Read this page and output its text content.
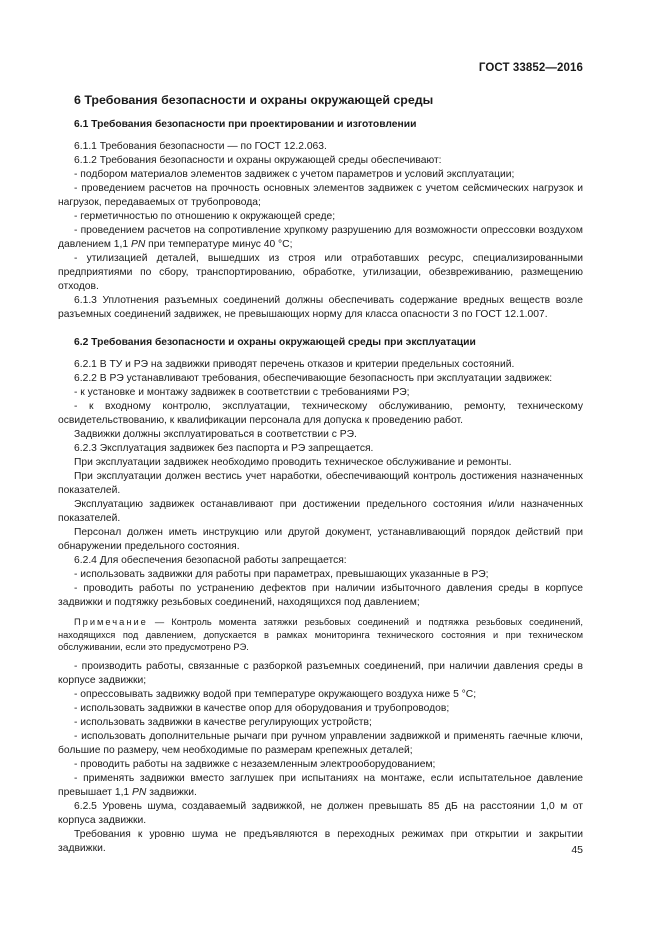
ГОСТ 33852—2016

6 Требования безопасности и охраны окружающей среды

6.1 Требования безопасности при проектировании и изготовлении

6.1.1 Требования безопасности — по ГОСТ 12.2.063.

6.1.2 Требования безопасности и охраны окружающей среды обеспечивают:

- подбором материалов элементов задвижек с учетом параметров и условий эксплуатации;

- проведением расчетов на прочность основных элементов задвижек с учетом сейсмических нагрузок и нагрузок, передаваемых от трубопровода;

- герметичностью по отношению к окружающей среде;

- проведением расчетов на сопротивление хрупкому разрушению для возможности опрессовки воздухом давлением 1,1 PN при температуре минус 40 °С;

- утилизацией деталей, вышедших из строя или отработавших ресурс, специализированными предприятиями по сбору, транспортированию, обработке, утилизации, обезвреживанию, размещению отходов.

6.1.3 Уплотнения разъемных соединений должны обеспечивать содержание вредных веществ возле разъемных соединений задвижек, не превышающих норму для класса опасности 3 по ГОСТ 12.1.007.

6.2 Требования безопасности и охраны окружающей среды при эксплуатации

6.2.1 В ТУ и РЭ на задвижки приводят перечень отказов и критерии предельных состояний.

6.2.2 В РЭ устанавливают требования, обеспечивающие безопасность при эксплуатации задвижек:

- к установке и монтажу задвижек в соответствии с требованиями РЭ;

- к входному контролю, эксплуатации, техническому обслуживанию, ремонту, техническому освидетельствованию, к квалификации персонала для допуска к проведению работ.

Задвижки должны эксплуатироваться в соответствии с РЭ.

6.2.3 Эксплуатация задвижек без паспорта и РЭ запрещается.

При эксплуатации задвижек необходимо проводить техническое обслуживание и ремонты.

При эксплуатации должен вестись учет наработки, обеспечивающий контроль достижения назначенных показателей.

Эксплуатацию задвижек останавливают при достижении предельного состояния и/или назначенных показателей.

Персонал должен иметь инструкцию или другой документ, устанавливающий порядок действий при обнаружении предельного состояния.

6.2.4 Для обеспечения безопасной работы запрещается:

- использовать задвижки для работы при параметрах, превышающих указанные в РЭ;

- проводить работы по устранению дефектов при наличии избыточного давления среды в корпусе задвижки и подтяжку резьбовых соединений, находящихся под давлением;

Примечание — Контроль момента затяжки резьбовых соединений и подтяжка резьбовых соединений, находящихся под давлением, допускается в рамках мониторинга технического состояния и при техническом обслуживании, если это предусмотрено РЭ.

- производить работы, связанные с разборкой разъемных соединений, при наличии давления среды в корпусе задвижки;

- опрессовывать задвижку водой при температуре окружающего воздуха ниже 5 °С;

- использовать задвижки в качестве опор для оборудования и трубопроводов;

- использовать задвижки в качестве регулирующих устройств;

- использовать дополнительные рычаги при ручном управлении задвижкой и применять гаечные ключи, большие по размеру, чем необходимые по размерам крепежных деталей;

- проводить работы на задвижке с незаземленным электрооборудованием;

- применять задвижки вместо заглушек при испытаниях на монтаже, если испытательное давление превышает 1,1 PN задвижки.

6.2.5 Уровень шума, создаваемый задвижкой, не должен превышать 85 дБ на расстоянии 1,0 м от корпуса задвижки.

Требования к уровню шума не предъявляются в переходных режимах при открытии и закрытии задвижки.	45
